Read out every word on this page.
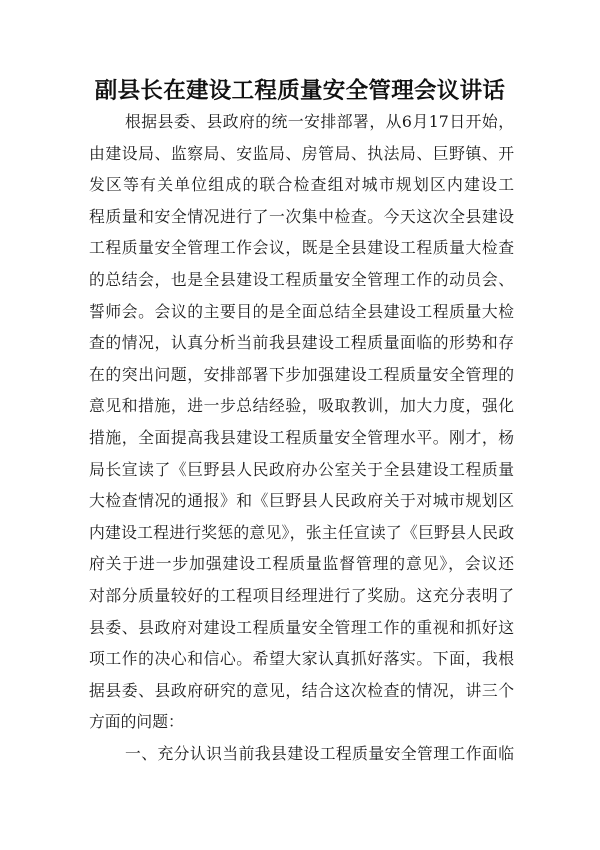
副县长在建设工程质量安全管理会议讲话
根据县委、县政府的统一安排部署，从6月17日开始，
由建设局、监察局、安监局、房管局、执法局、巨野镇、开
发区等有关单位组成的联合检查组对城市规划区内建设工
程质量和安全情况进行了一次集中检查。今天这次全县建设
工程质量安全管理工作会议，既是全县建设工程质量大检查
的总结会，也是全县建设工程质量安全管理工作的动员会、
誓师会。会议的主要目的是全面总结全县建设工程质量大检
查的情况，认真分析当前我县建设工程质量面临的形势和存
在的突出问题，安排部署下步加强建设工程质量安全管理的
意见和措施，进一步总结经验，吸取教训，加大力度，强化
措施，全面提高我县建设工程质量安全管理水平。刚才，杨
局长宣读了《巨野县人民政府办公室关于全县建设工程质量
大检查情况的通报》和《巨野县人民政府关于对城市规划区
内建设工程进行奖惩的意见》，张主任宣读了《巨野县人民政
府关于进一步加强建设工程质量监督管理的意见》，会议还
对部分质量较好的工程项目经理进行了奖励。这充分表明了
县委、县政府对建设工程质量安全管理工作的重视和抓好这
项工作的决心和信心。希望大家认真抓好落实。下面，我根
据县委、县政府研究的意见，结合这次检查的情况，讲三个
方面的问题：
一、充分认识当前我县建设工程质量安全管理工作面临
